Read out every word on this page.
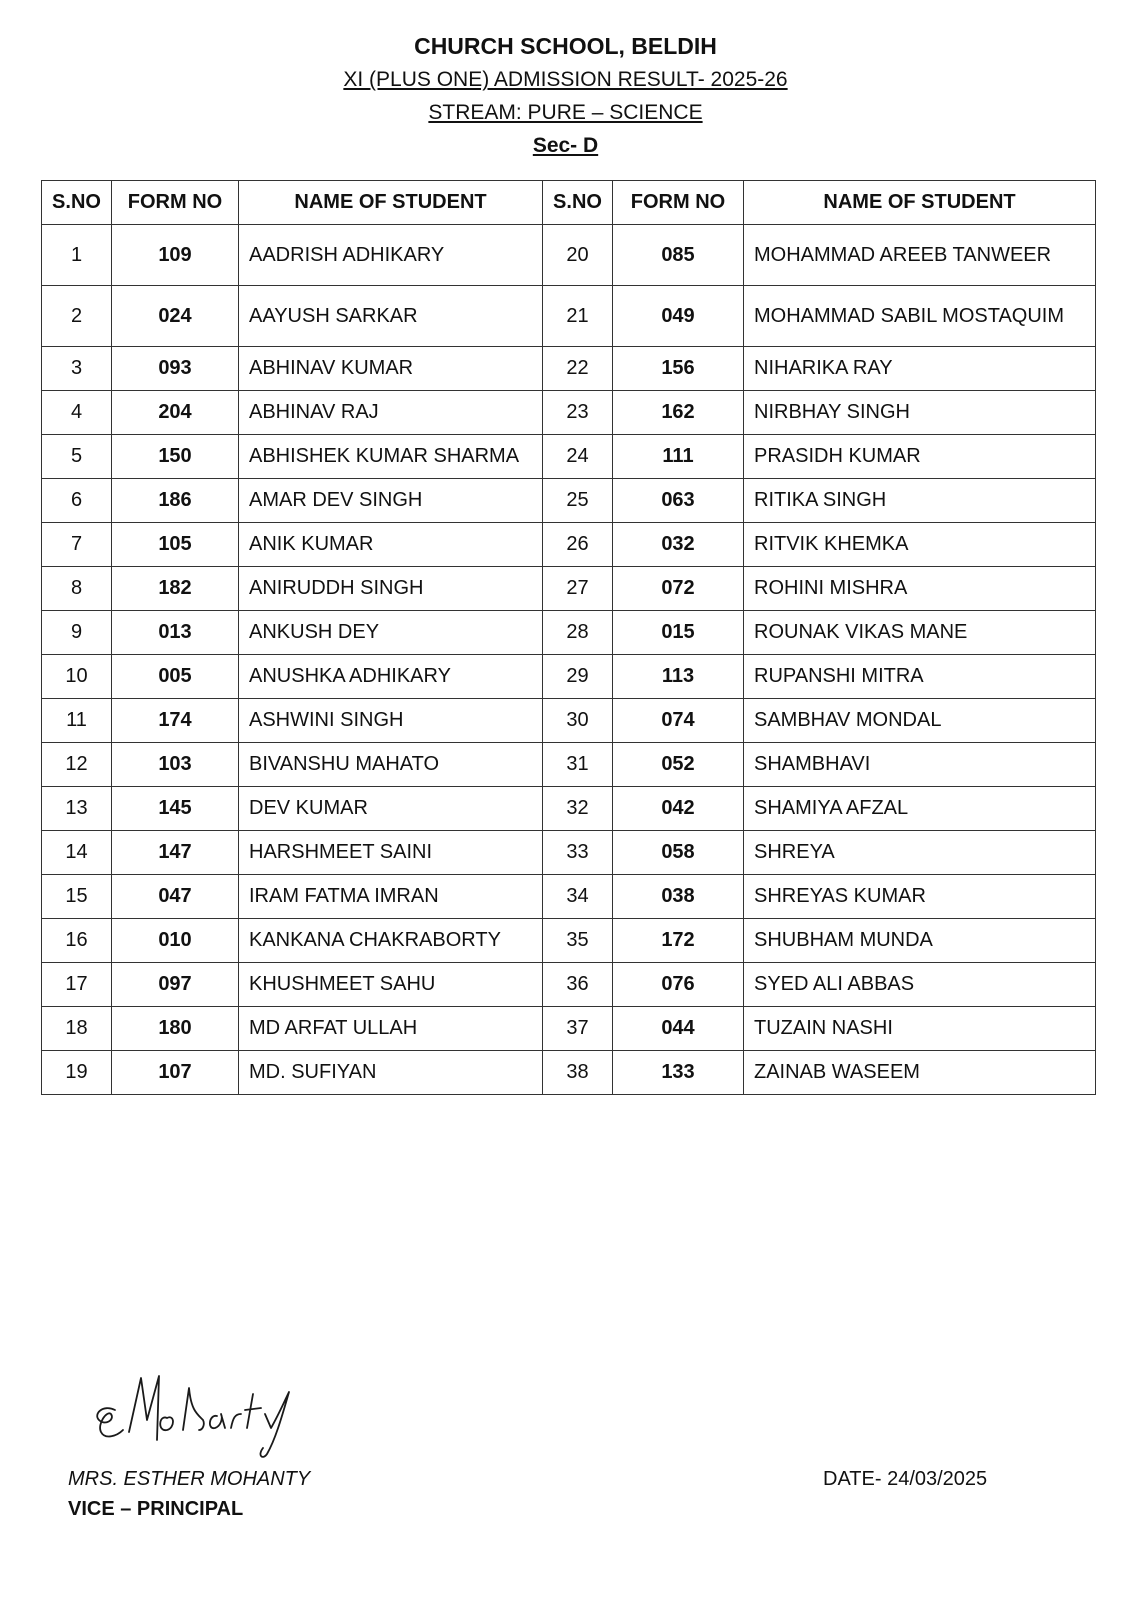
CHURCH SCHOOL, BELDIH
XI (PLUS ONE) ADMISSION RESULT- 2025-26
STREAM: PURE – SCIENCE
Sec- D
S.NO	FORM NO	NAME OF STUDENT	S.NO	FORM NO	NAME OF STUDENT
1	109	AADRISH ADHIKARY	20	085	MOHAMMAD AREEB TANWEER
2	024	AAYUSH SARKAR	21	049	MOHAMMAD SABIL MOSTAQUIM
3	093	ABHINAV KUMAR	22	156	NIHARIKA RAY
4	204	ABHINAV RAJ	23	162	NIRBHAY SINGH
5	150	ABHISHEK KUMAR SHARMA	24	111	PRASIDH KUMAR
6	186	AMAR DEV SINGH	25	063	RITIKA SINGH
7	105	ANIK KUMAR	26	032	RITVIK KHEMKA
8	182	ANIRUDDH SINGH	27	072	ROHINI MISHRA
9	013	ANKUSH DEY	28	015	ROUNAK VIKAS MANE
10	005	ANUSHKA ADHIKARY	29	113	RUPANSHI MITRA
11	174	ASHWINI SINGH	30	074	SAMBHAV MONDAL
12	103	BIVANSHU MAHATO	31	052	SHAMBHAVI
13	145	DEV KUMAR	32	042	SHAMIYA AFZAL
14	147	HARSHMEET SAINI	33	058	SHREYA
15	047	IRAM FATMA IMRAN	34	038	SHREYAS KUMAR
16	010	KANKANA CHAKRABORTY	35	172	SHUBHAM MUNDA
17	097	KHUSHMEET SAHU	36	076	SYED ALI ABBAS
18	180	MD ARFAT ULLAH	37	044	TUZAIN NASHI
19	107	MD. SUFIYAN	38	133	ZAINAB WASEEM
MRS. ESTHER MOHANTY
VICE – PRINCIPAL
DATE- 24/03/2025
